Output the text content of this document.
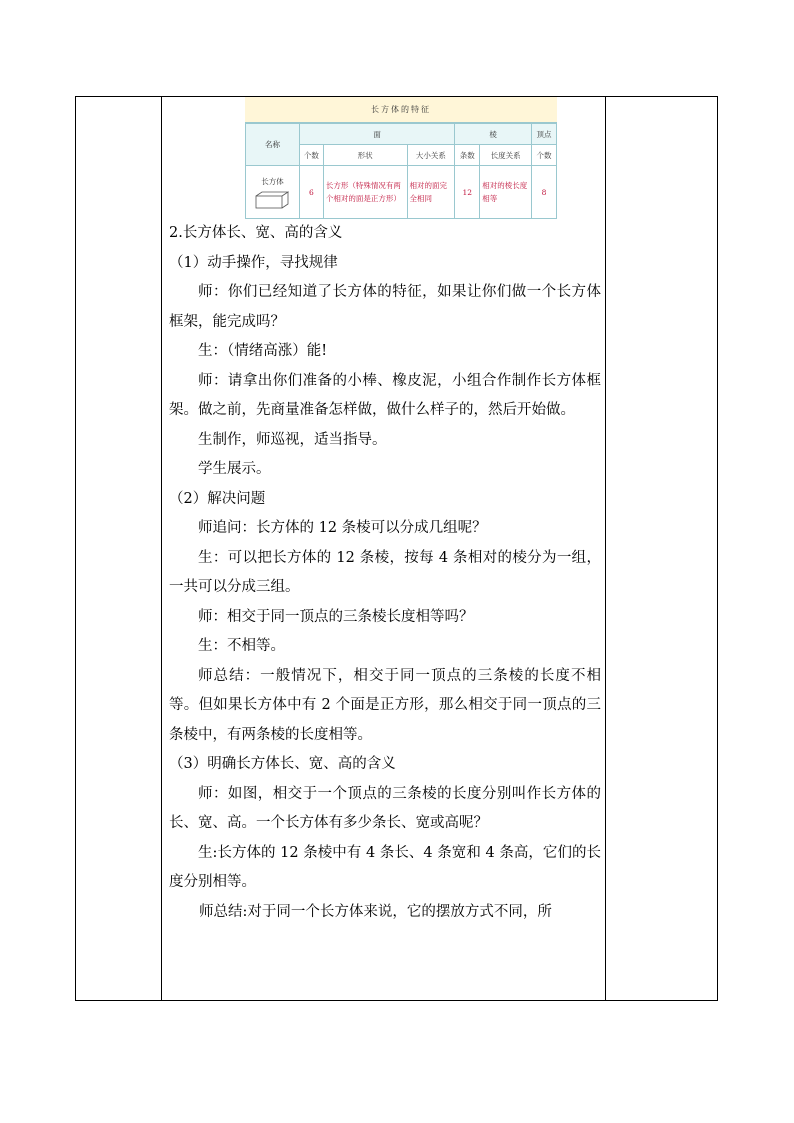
长方体的特征
名称	面			棱		顶点
	个数	形状	大小关系	条数	长度关系	个数
长方体	6	长方形（特殊情况有两个相对的面是正方形）	相对的面完全相同	12	相对的棱长度相等	8

2.长方体长、宽、高的含义

（1）动手操作，寻找规律

师：你们已经知道了长方体的特征，如果让你们做一个长方体框架，能完成吗？

生：（情绪高涨）能!

师：请拿出你们准备的小棒、橡皮泥，小组合作制作长方体框架。做之前，先商量准备怎样做，做什么样子的，然后开始做。

生制作，师巡视，适当指导。

学生展示。

（2）解决问题

师追问：长方体的 12 条棱可以分成几组呢？

生：可以把长方体的 12 条棱，按每 4 条相对的棱分为一组，一共可以分成三组。

师：相交于同一顶点的三条棱长度相等吗？

生：不相等。

师总结：一般情况下，相交于同一顶点的三条棱的长度不相等。但如果长方体中有 2 个面是正方形，那么相交于同一顶点的三条棱中，有两条棱的长度相等。

（3）明确长方体长、宽、高的含义

师：如图，相交于一个顶点的三条棱的长度分别叫作长方体的长、宽、高。一个长方体有多少条长、宽或高呢？

生:长方体的 12 条棱中有 4 条长、4 条宽和 4 条高，它们的长度分别相等。

师总结:对于同一个长方体来说，它的摆放方式不同，所
